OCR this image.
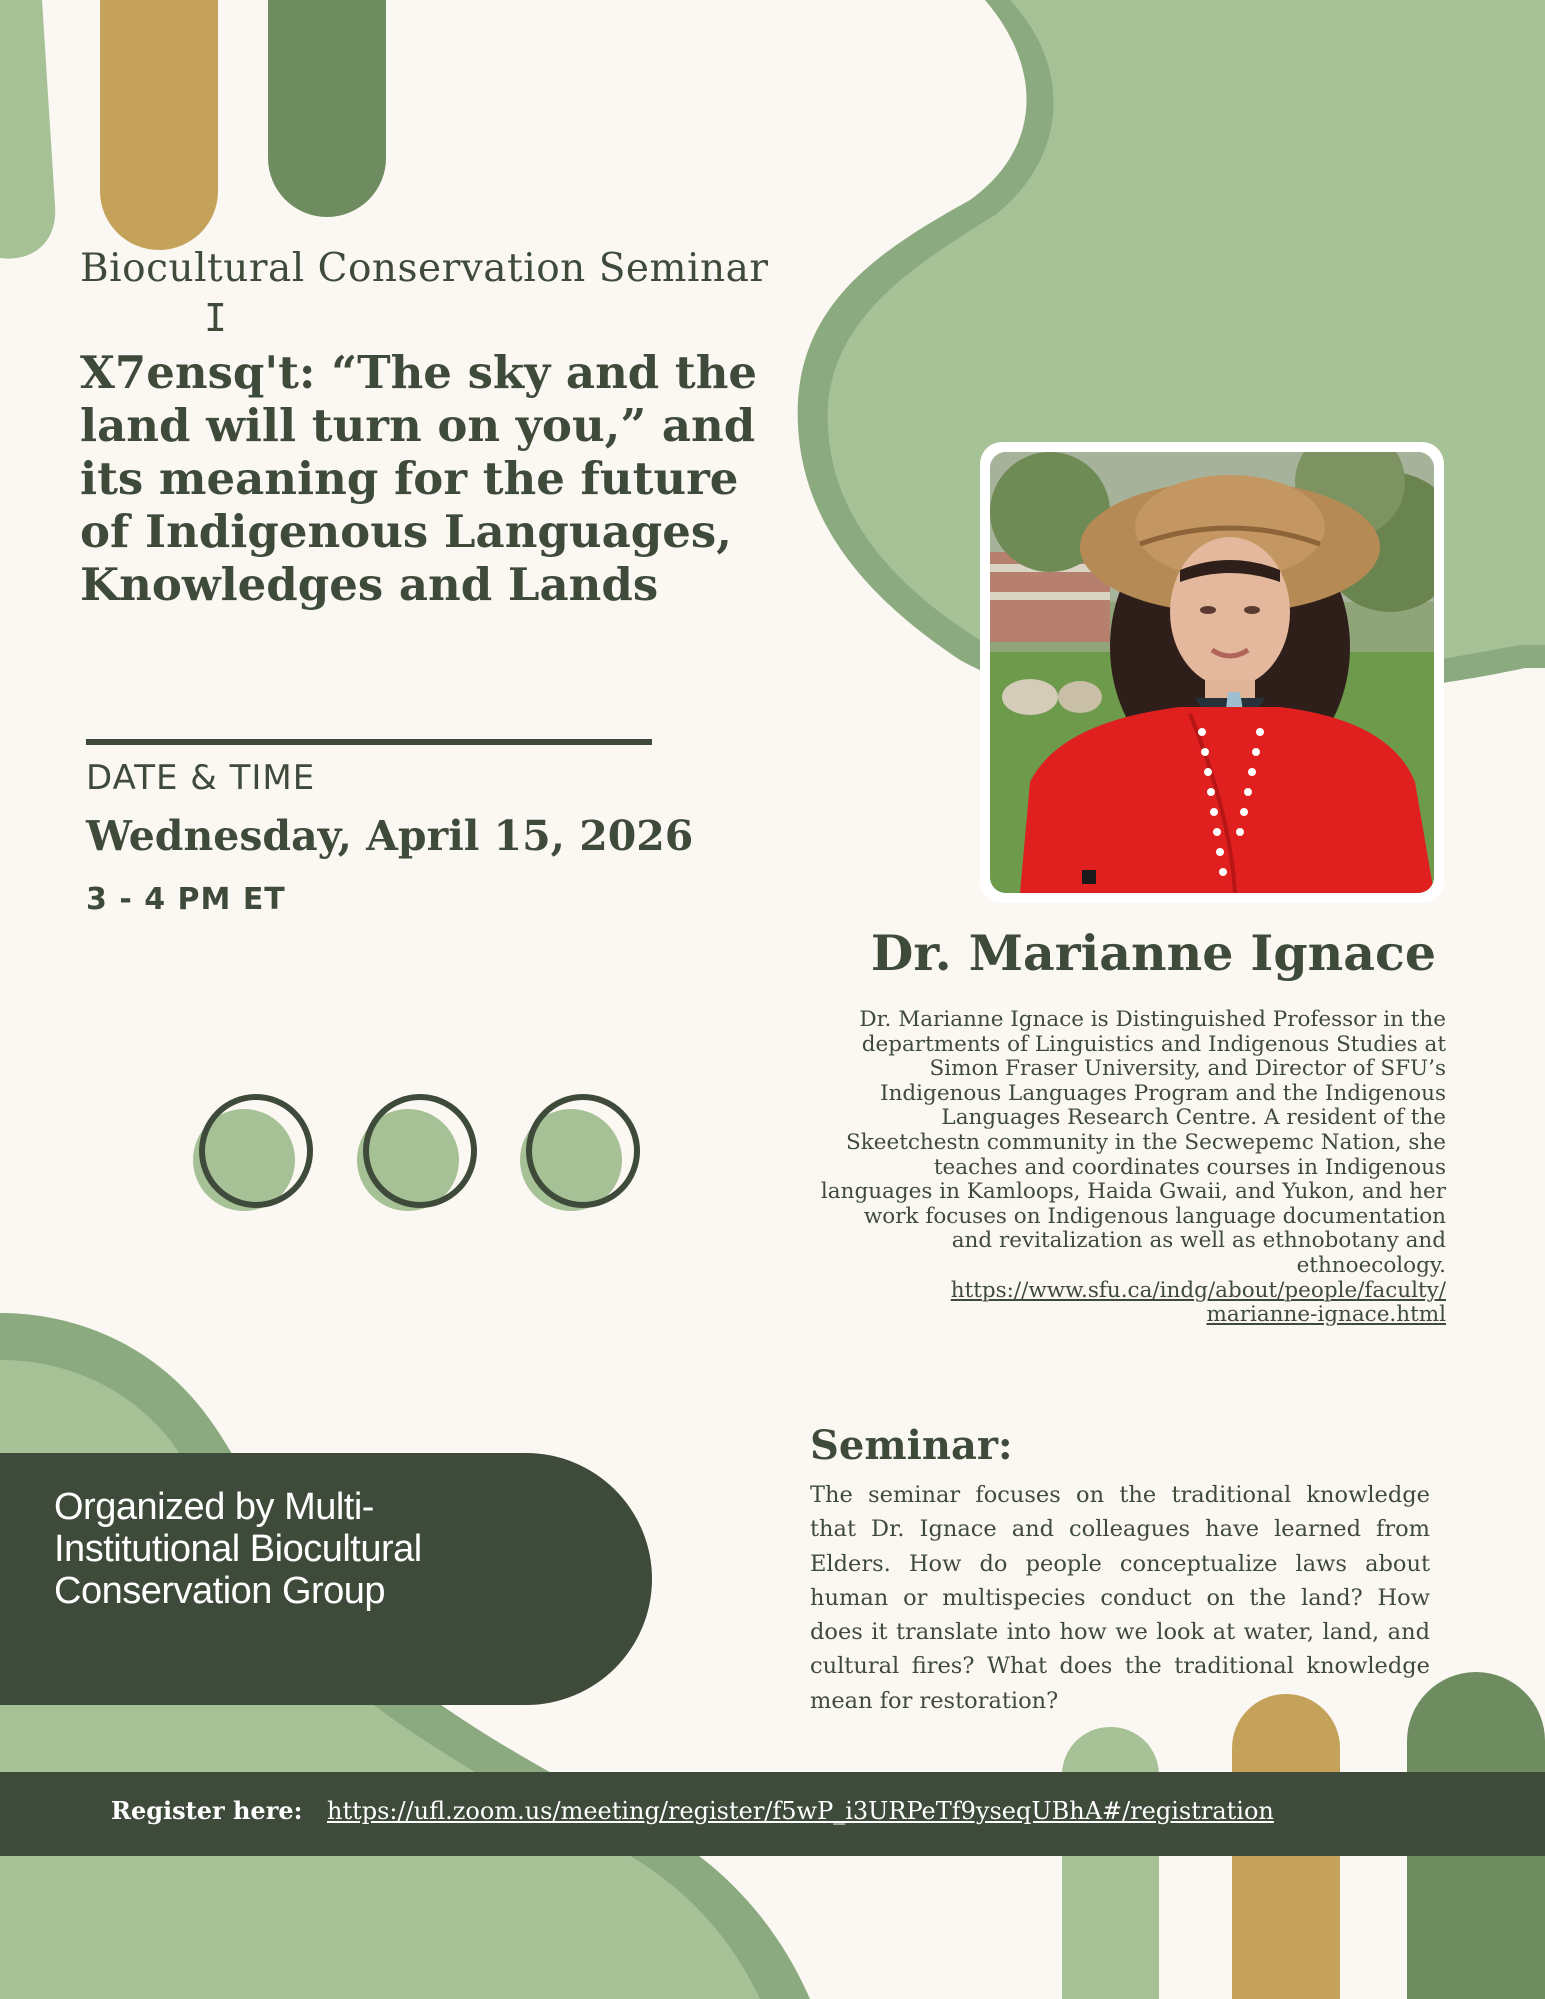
Biocultural Conservation Seminar
I
X7ensq't: “The sky and the
land will turn on you,” and
its meaning for the future
of Indigenous Languages,
Knowledges and Lands
DATE & TIME
Wednesday, April 15, 2026
3 - 4 PM ET
Dr. Marianne Ignace
Dr. Marianne Ignace is Distinguished Professor in the
departments of Linguistics and Indigenous Studies at
Simon Fraser University, and Director of SFU’s
Indigenous Languages Program and the Indigenous
Languages Research Centre. A resident of the
Skeetchestn community in the Secwepemc Nation, she
teaches and coordinates courses in Indigenous
languages in Kamloops, Haida Gwaii, and Yukon, and her
work focuses on Indigenous language documentation
and revitalization as well as ethnobotany and
ethnoecology.
https://www.sfu.ca/indg/about/people/faculty/
marianne-ignace.html
Seminar:
The seminar focuses on the traditional knowledge that Dr. Ignace and colleagues have learned from Elders. How do people conceptualize laws about human or multispecies conduct on the land? How does it translate into how we look at water, land, and cultural fires? What does the traditional knowledge mean for restoration?
Organized by Multi-
Institutional Biocultural
Conservation Group
Register here: https://ufl.zoom.us/meeting/register/f5wP_i3URPeTf9yseqUBhA#/registration
